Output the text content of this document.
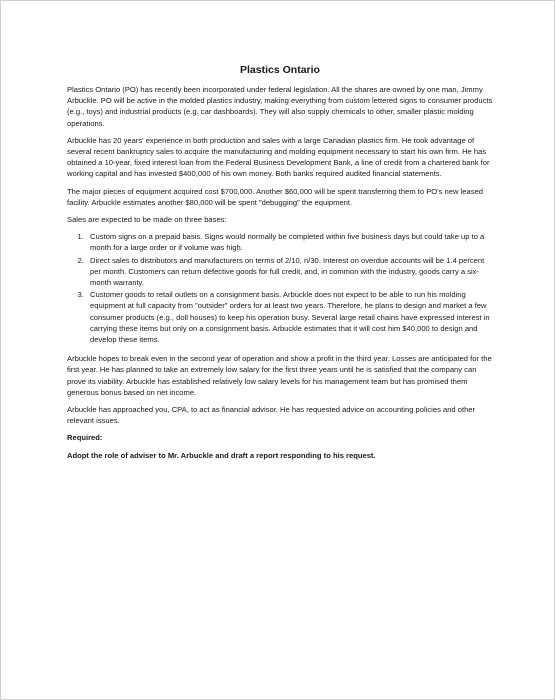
Plastics Ontario

Plastics Ontario (PO) has recently been incorporated under federal legislation. All the shares are owned by one man, Jimmy Arbuckle. PO will be active in the molded plastics industry, making everything from custom lettered signs to consumer products (e.g., toys) and industrial products (e.g. car dashboards). They will also supply chemicals to other, smaller plastic molding operations.

Arbuckle has 20 years' experience in both production and sales with a large Canadian plastics firm. He took advantage of several recent bankruptcy sales to acquire the manufacturing and molding equipment necessary to start his own firm. He has obtained a 10-year, fixed interest loan from the Federal Business Development Bank, a line of credit from a chartered bank for working capital and has invested $400,000 of his own money. Both banks required audited financial statements.

The major pieces of equipment acquired cost $700,000. Another $60,000 will be spent transferring them to PO's new leased facility. Arbuckle estimates another $80,000 will be spent "debugging" the equipment.

Sales are expected to be made on three bases:

1. Custom signs on a prepaid basis. Signs would normally be completed within five business days but could take up to a month for a large order or if volume was high.
2. Direct sales to distributors and manufacturers on terms of 2/10, n/30. Interest on overdue accounts will be 1.4 percent per month. Customers can return defective goods for full credit, and, in common with the industry, goods carry a six-month warranty.
3. Customer goods to retail outlets on a consignment basis. Arbuckle does not expect to be able to run his molding equipment at full capacity from "outsider" orders for at least two years. Therefore, he plans to design and market a few consumer products (e.g., doll houses) to keep his operation busy. Several large retail chains have expressed interest in carrying these items but only on a consignment basis. Arbuckle estimates that it will cost him $40,000 to design and develop these items.

Arbuckle hopes to break even in the second year of operation and show a profit in the third year. Losses are anticipated for the first year. He has planned to take an extremely low salary for the first three years until he is satisfied that the company can prove its viability. Arbuckle has established relatively low salary levels for his management team but has promised them generous bonus based on net income.

Arbuckle has approached you, CPA, to act as financial advisor. He has requested advice on accounting policies and other relevant issues.

Required:

Adopt the role of adviser to Mr. Arbuckle and draft a report responding to his request.
